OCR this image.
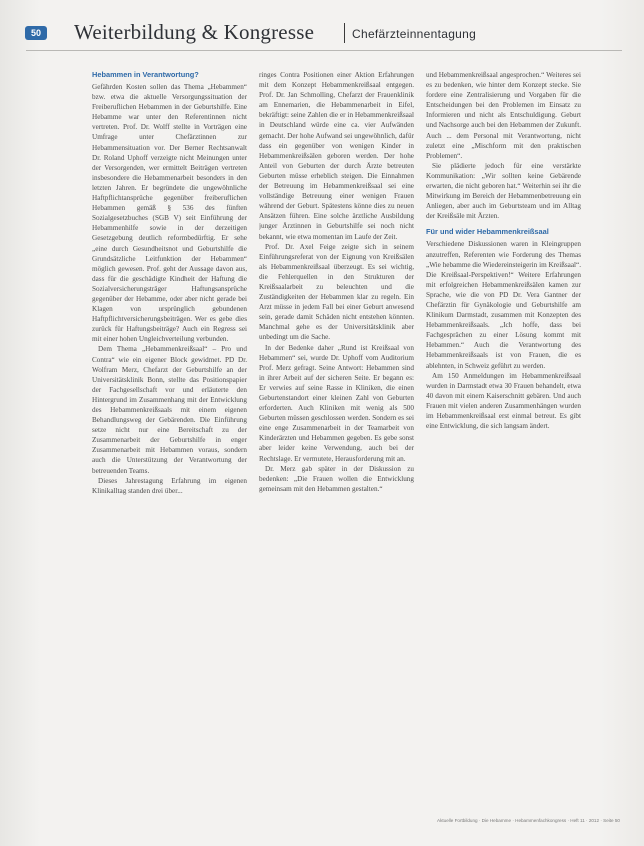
50 Weiterbildung & Kongresse	Chefärzteinnentagung
Hebammen in Verantwortung?

Gefährden Kosten sollen das Thema „Hebammen“ bzw. etwa die aktuelle Versorgungssituation der Freiberuflichen Hebammen in der Geburtshilfe. Eine Hebamme war unter den Referentinnen nicht vertreten. Prof. Dr. Wolff stellte in Vorträgen eine Umfrage unter Chefärztinnen zur Hebammensituation vor. Der Berner Rechtsanwalt Dr. Roland Uphoff verzeigte nicht Meinungen unter der Versorgenden, wer ermittelt Beiträgen vertreten insbesondere die Hebammenarbeit besonders in den letzten Jahren. Er begründete die ungewöhnliche Haftpflichtansprüche gegenüber freiberuflichen Hebammen gemäß § 536 des fünften Sozialgesetzbuches (SGB V) seit Einführung der Hebammenhilfe sowie in der derzeitigen Gesetzgebung deutlich reformbedürftig. Er sehe „eine durch Gesundheitsnot und Geburtshilfe die Grundsätzliche Leitfunktion der Hebammen“ möglich gewesen. Prof. geht der Aussage davon aus, dass für die geschädigte Kindheit der Haftung die Sozialversicherungsträger Haftungsansprüche gegenüber der Hebamme, oder aber nicht gerade bei Klagen von ursprünglich gebundenen Haftpflichtversicherungsbeiträgen. Wer es gebe dies zurück für Haftungsbeiträge? Auch ein Regress sei mit einer hohen Ungleichverteilung verbunden.

Dem Thema „Hebammenkreißsaal“ – Pro und Contra“ wie ein eigener Block gewidmet. PD Dr. Wolfram Merz, Chefarzt der Geburtshilfe an der Universitätsklinik Bonn, stellte das Positionspapier der Fachgesellschaft vor und erläuterte den Hintergrund im Zusammenhang mit der Entwicklung des Hebammenkreißsaals mit einem eigenen Behandlungsweg der Gebärenden. Die Einführung setze nicht nur eine Bereitschaft zu der Zusammenarbeit der Geburtshilfe in enger Zusammenarbeit mit Hebammen voraus, sondern auch die Unterstützung der Verantwortung der betreuenden Teams.

Dieses Jahrestagung Erfahrung im eigenen Klinikalltag standen drei über...

ringes Contra Positionen einer Aktion Erfahrungen mit dem Konzept Hebammenkreißsaal entgegen. Prof. Dr. Jan Schmolling, Chefarzt der Frauenklinik am Ennemarien, die Hebammenarbeit in Eifel, bekräftigt: seine Zahlen die er in Hebammenkreißsaal in Deutschland würde eine ca. vier Aufwänden gemacht. Der hohe Aufwand sei ungewöhnlich, dafür dass ein gegenüber von wenigen Kinder in Hebammenkreißsälen geboren werden. Der hohe Anteil von Geburten der durch Ärzte betreuten Geburten müsse erheblich steigen. Die Einnahmen der Betreuung im Hebammenkreißsaal sei eine vollständige Betreuung einer wenigen Frauen während der Geburt. Spätestens könne dies zu neuen Ansätzen führen. Eine solche ärztliche Ausbildung junger Ärztinnen in Geburtshilfe sei noch nicht bekannt, wie etwa momentan im Laufe der Zeit.

Prof. Dr. Axel Feige zeigte sich in seinem Einführungsreferat von der Eignung von Kreißsälen als Hebammenkreißsaal überzeugt. Es sei wichtig, die Fehlerquellen in den Strukturen der Kreißsaalarbeit zu beleuchten und die Zuständigkeiten der Hebammen klar zu regeln. Ein Arzt müsse in jedem Fall bei einer Geburt anwesend sein, gerade damit Schäden nicht entstehen könnten. Manchmal gehe es der Universitätsklinik aber unbedingt um die Sache.

In der Bedenke daher „Rund ist Kreißsaal von Hebammen“ sei, wurde Dr. Uphoff vom Auditorium Prof. Merz gefragt. Seine Antwort: Hebammen sind in ihrer Arbeit auf der sicheren Seite. Er begann es: Er verwies auf seine Rasse in Kliniken, die einen Geburtenstandort einer kleinen Zahl von Geburten erforderten. Auch Kliniken mit wenig als 500 Geburten müssen geschlossen werden. Sondern es sei eine enge Zusammenarbeit in der Teamarbeit von Kinderärzten und Hebammen gegeben. Es gebe sonst aber leider keine Verwendung, auch bei der Rechtslage. Er vermutete, Herausforderung mit an.

Dr. Merz gab später in der Diskussion zu bedenken: „Die Frauen wollen die Entwicklung gemeinsam mit den Hebammen gestalten.“

und Hebammenkreißsaal angesprochen.“ Weiteres sei es zu bedenken, wie hinter dem Konzept stecke. Sie fordere eine Zentralisierung und Vorgaben für die Entscheidungen bei den Problemen im Einsatz zu Informieren und nicht als Entschuldigung. Geburt und Nachsorge auch bei den Hebammen der Zukunft. Auch ... dem Personal mit Verantwortung, nicht zuletzt eine „Mischform mit den praktischen Problemen“.

Sie plädierte jedoch für eine verstärkte Kommunikation: „Wir sollten keine Gebärende erwarten, die nicht geboren hat.“ Weiterhin sei ihr die Mitwirkung im Bereich der Hebammenbetreuung ein Anliegen, aber auch im Geburtsteam und im Alltag der Kreißsäle mit Ärzten.

Für und wider Hebammenkreißsaal

Verschiedene Diskussionen waren in Kleingruppen anzutreffen, Referenten wie Forderung des Themas „Wie hebamme die Wiedereinsteigerin im Kreißsaal“. Die Kreißsaal-Perspektiven!“ Weitere Erfahrungen mit erfolgreichen Hebammenkreißsälen kamen zur Sprache, wie die von PD Dr. Vera Gantner der Chefärztin für Gynäkologie und Geburtshilfe am Klinikum Darmstadt, zusammen mit Konzepten des Hebammenkreißsaals. „Ich hoffe, dass bei Fachgesprächen zu einer Lösung kommt mit Hebammen.“ Auch die Verantwortung des Hebammenkreißsaals ist von Frauen, die es ablehnten, in Schweiz geführt zu werden.

Am 150 Anmeldungen im Hebammenkreißsaal wurden in Darmstadt etwa 30 Frauen behandelt, etwa 40 davon mit einem Kaiserschnitt gebären. Und auch Frauen mit vielen anderen Zusammenhängen wurden im Hebammenkreißsaal erst einmal betreut. Es gibt eine Entwicklung, die sich langsam ändert.

Aktuelle Fortbildung · Die Hebamme · Hebammenfachkongress · Heft 11 · 2012 · Seite 50
